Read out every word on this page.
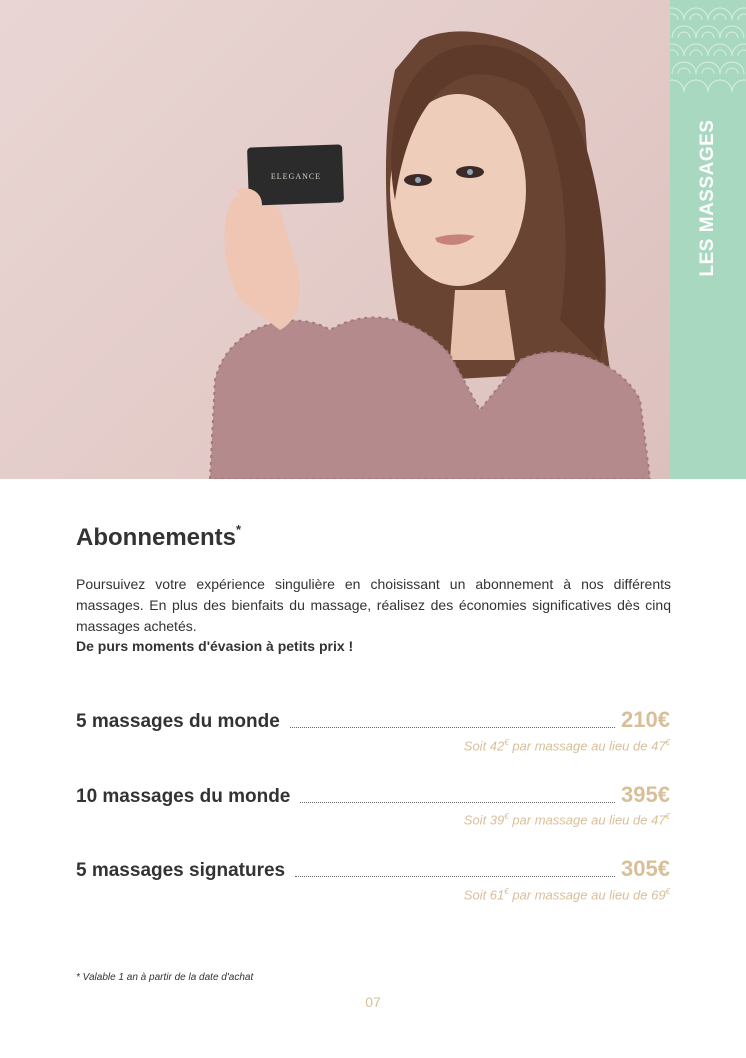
ELEGANCE	LES MASSAGES
Abonnements*

Poursuivez votre expérience singulière en choisissant un abonnement à nos différents massages. En plus des bienfaits du massage, réalisez des économies significatives dès cinq massages achetés.

De purs moments d'évasion à petits prix !

5 massages du monde	210€
Soit 42€ par massage au lieu de 47€
10 massages du monde	395€
Soit 39€ par massage au lieu de 47€
5 massages signatures	305€
Soit 61€ par massage au lieu de 69€

* Valable 1 an à partir de la date d'achat

07
